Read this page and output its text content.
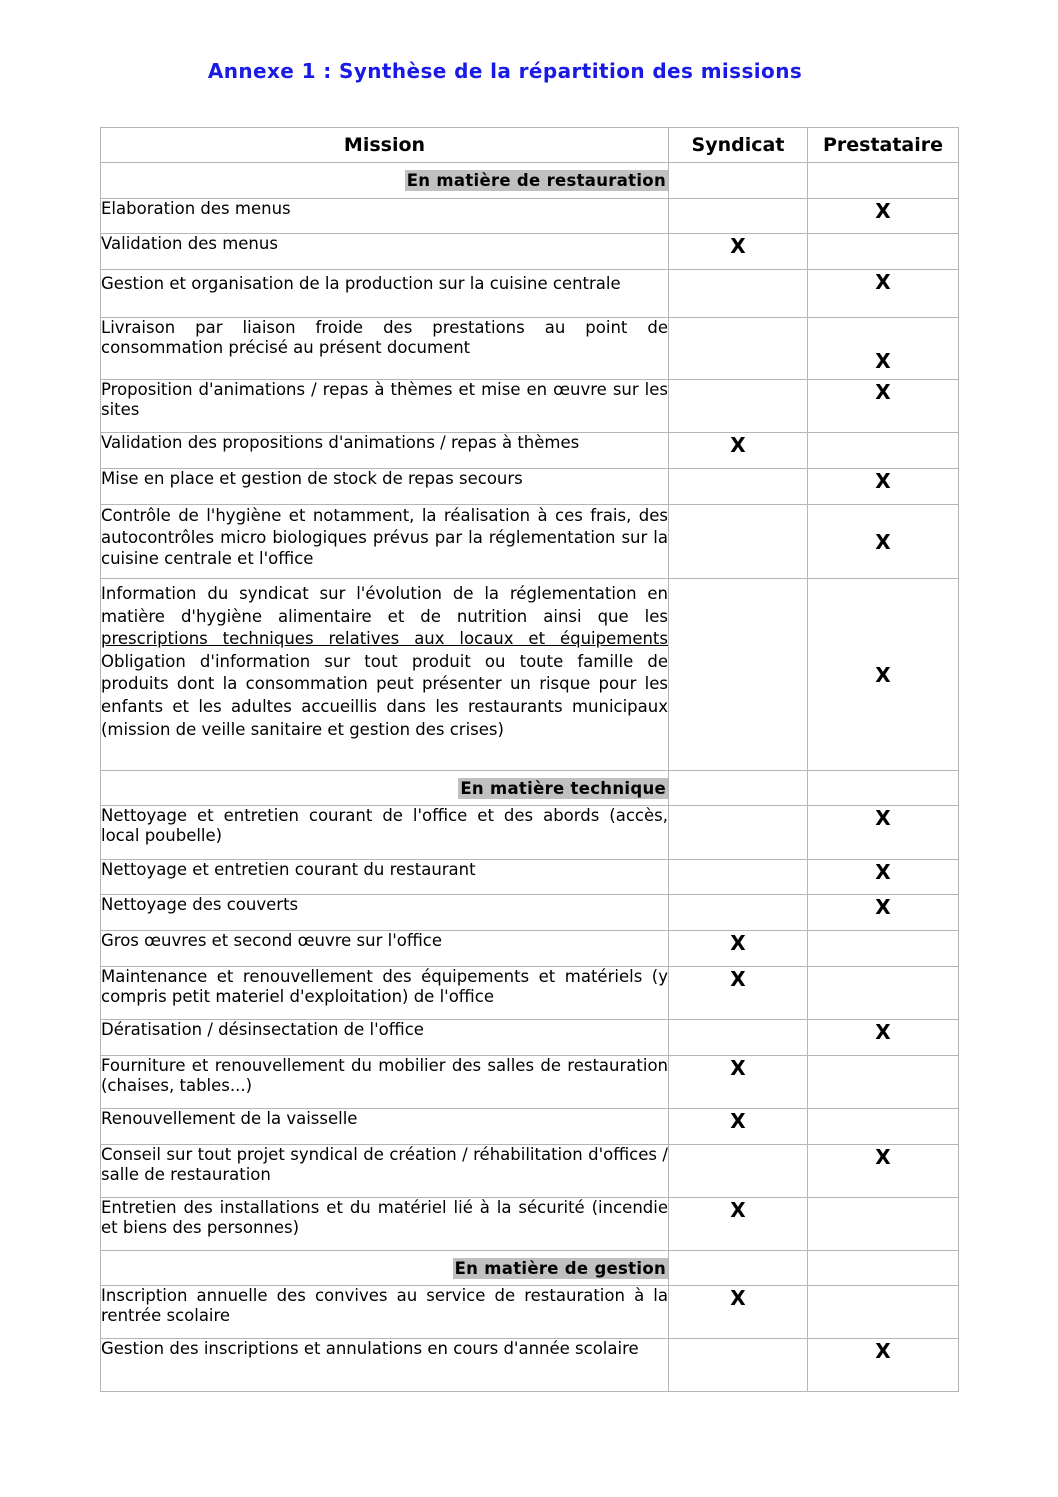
Annexe 1 : Synthèse de la répartition des missions
Mission	Syndicat	Prestataire
En matière de restauration		
Elaboration des menus		X
Validation des menus	X	
Gestion et organisation de la production sur la cuisine centrale		X
Livraison par liaison froide des prestations au point de consommation précisé au présent document		X
Proposition d'animations / repas à thèmes et mise en œuvre sur les sites		X
Validation des propositions d'animations / repas à thèmes	X	
Mise en place et gestion de stock de repas secours		X
Contrôle de l'hygiène et notamment, la réalisation à ces frais, des autocontrôles micro biologiques prévus par la réglementation sur la cuisine centrale et l'office		X
Information du syndicat sur l'évolution de la réglementation en matière d'hygiène alimentaire et de nutrition ainsi que les prescriptions techniques relatives aux locaux et équipements Obligation d'information sur tout produit ou toute famille de produits dont la consommation peut présenter un risque pour les enfants et les adultes accueillis dans les restaurants municipaux (mission de veille sanitaire et gestion des crises)		X
En matière technique		
Nettoyage et entretien courant de l'office et des abords (accès, local poubelle)		X
Nettoyage et entretien courant du restaurant		X
Nettoyage des couverts		X
Gros œuvres et second œuvre sur l'office	X	
Maintenance et renouvellement des équipements et matériels (y compris petit materiel d'exploitation) de l'office	X	
Dératisation / désinsectation de l'office		X
Fourniture et renouvellement du mobilier des salles de restauration (chaises, tables...)	X	
Renouvellement de la vaisselle	X	
Conseil sur tout projet syndical de création / réhabilitation d'offices / salle de restauration		X
Entretien des installations et du matériel lié à la sécurité (incendie et biens des personnes)	X	
En matière de gestion		
Inscription annuelle des convives au service de restauration à la rentrée scolaire	X	
Gestion des inscriptions et annulations en cours d'année scolaire		X
